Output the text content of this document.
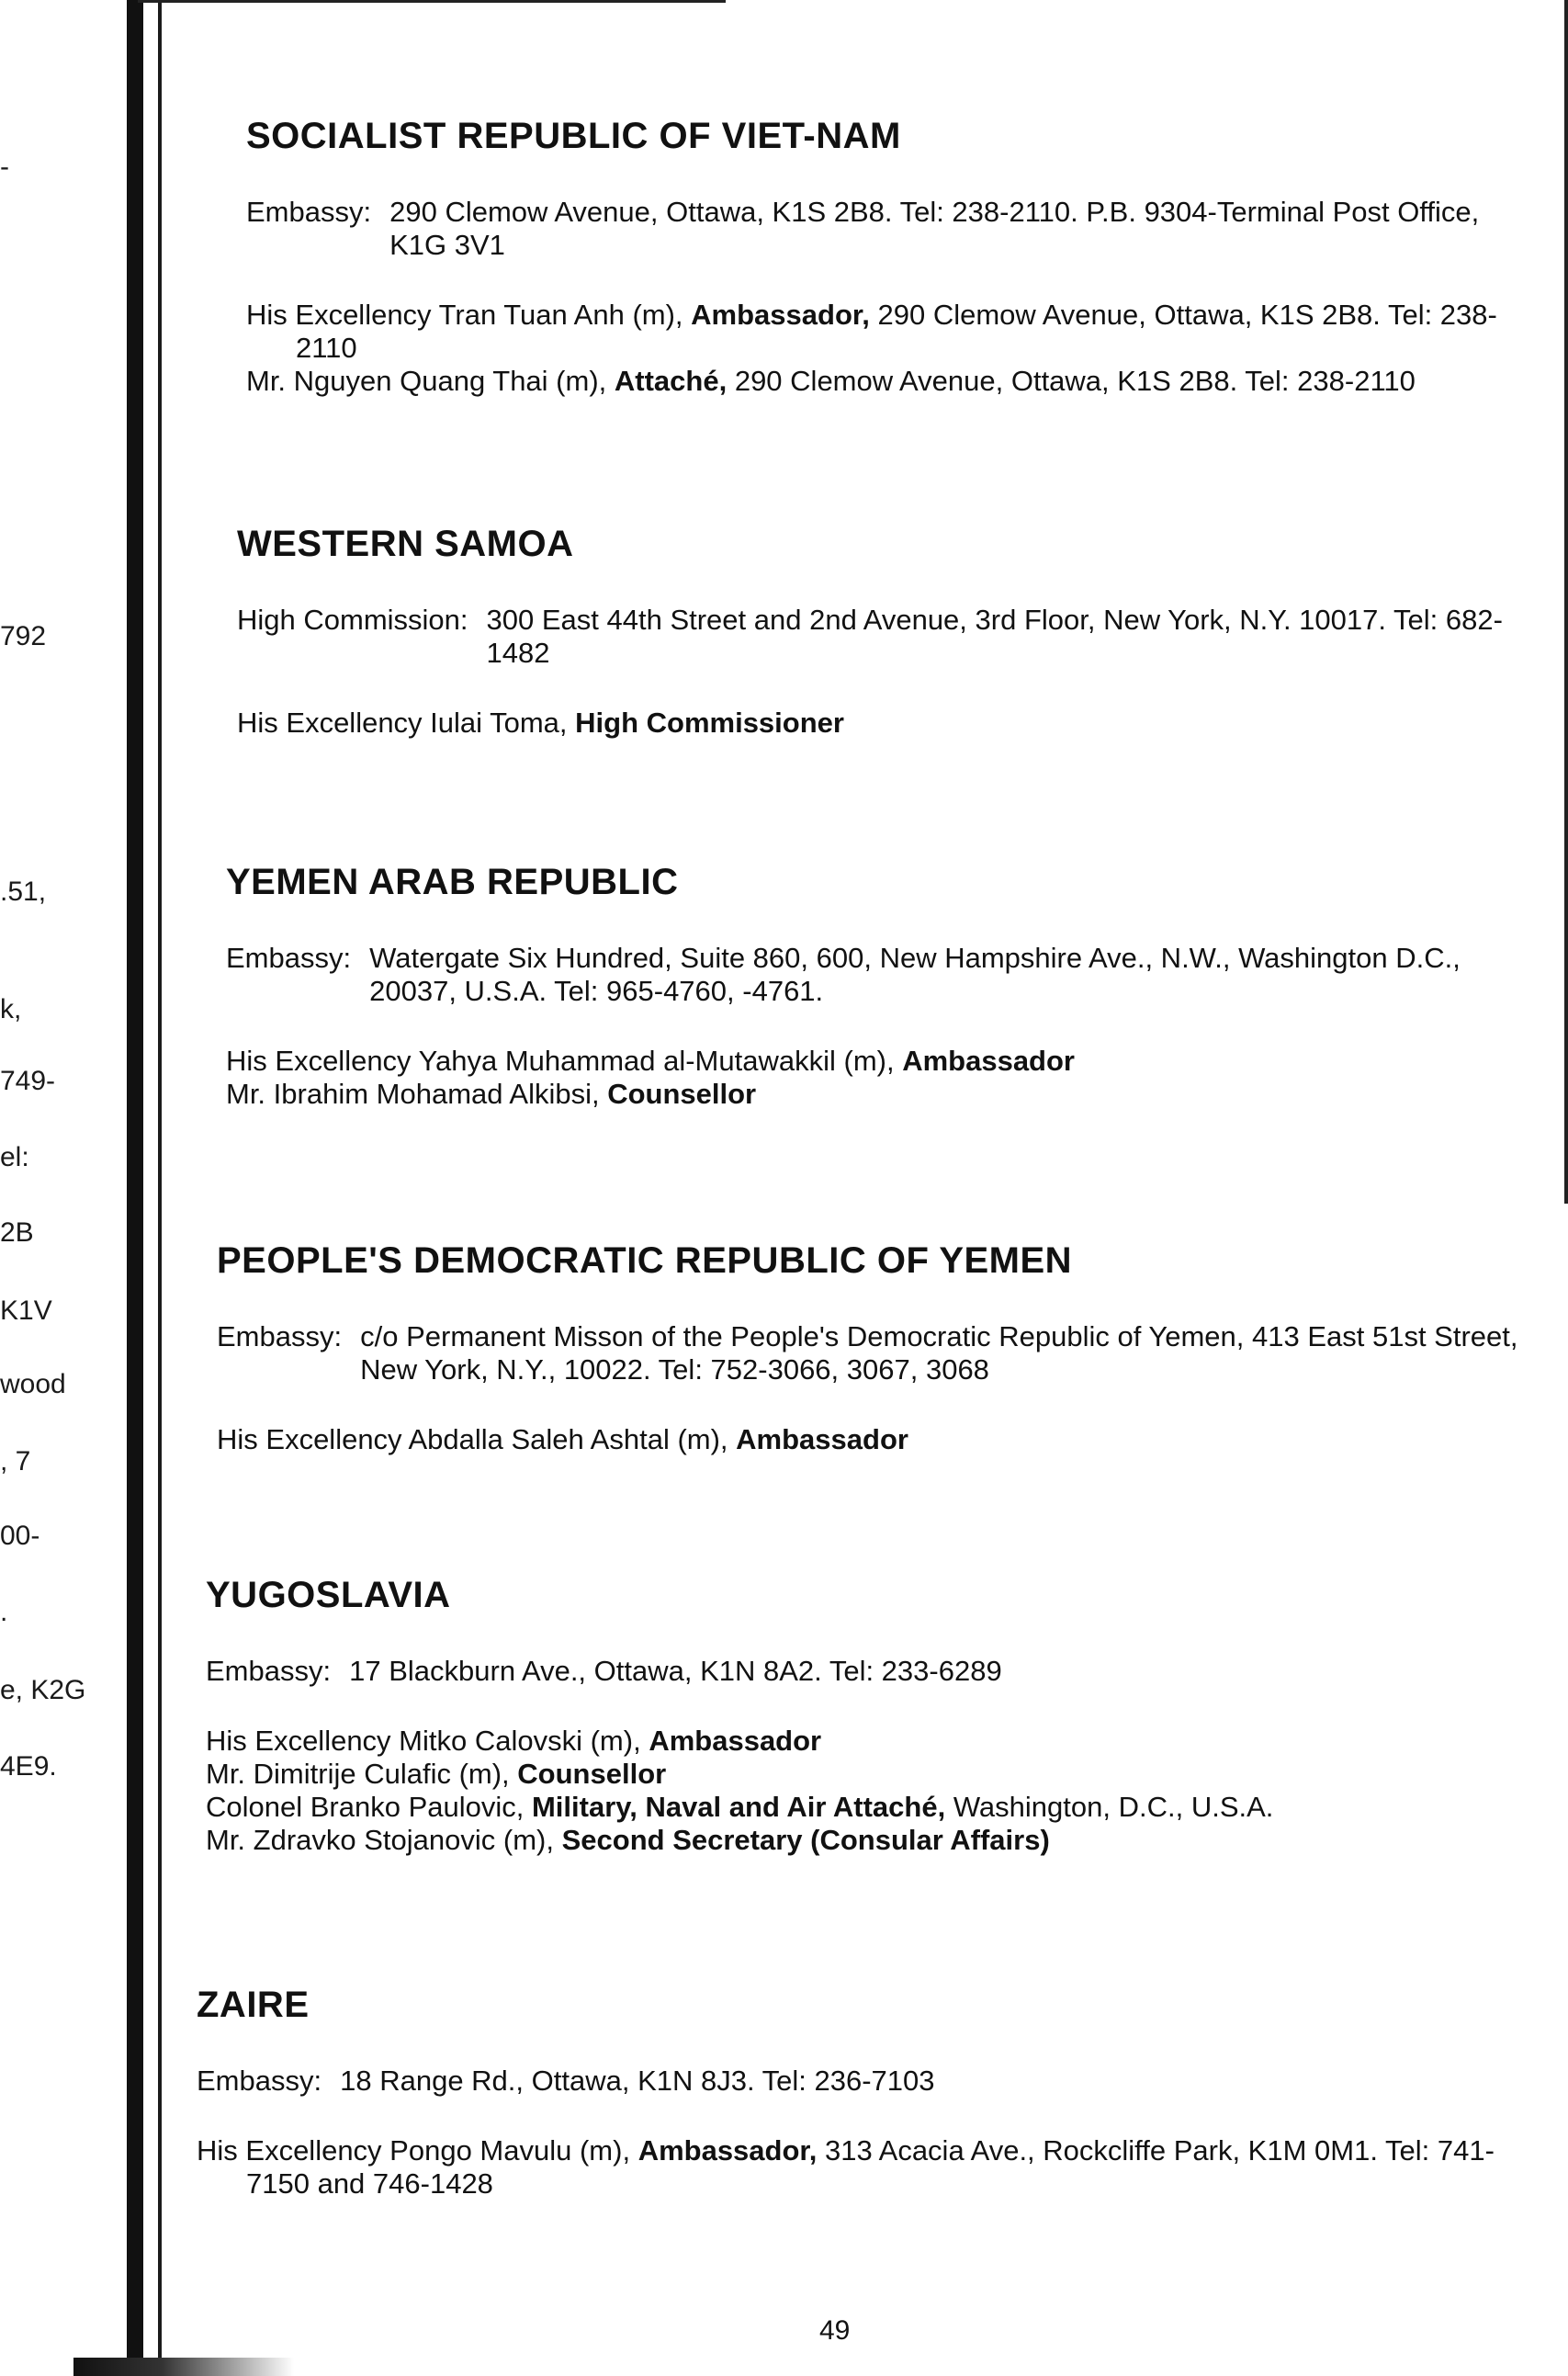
SOCIALIST REPUBLIC OF VIET-NAM
Embassy: 290 Clemow Avenue, Ottawa, K1S 2B8. Tel: 238-2110. P.B. 9304-Terminal Post Office, K1G 3V1

His Excellency Tran Tuan Anh (m), Ambassador, 290 Clemow Avenue, Ottawa, K1S 2B8. Tel: 238-2110

Mr. Nguyen Quang Thai (m), Attaché, 290 Clemow Avenue, Ottawa, K1S 2B8. Tel: 238-2110

WESTERN SAMOA
High Commission: 300 East 44th Street and 2nd Avenue, 3rd Floor, New York, N.Y. 10017. Tel: 682-1482

His Excellency Iulai Toma, High Commissioner

YEMEN ARAB REPUBLIC
Embassy: Watergate Six Hundred, Suite 860, 600, New Hampshire Ave., N.W., Washington D.C., 20037, U.S.A. Tel: 965-4760, -4761.

His Excellency Yahya Muhammad al-Mutawakkil (m), Ambassador

Mr. Ibrahim Mohamad Alkibsi, Counsellor

PEOPLE'S DEMOCRATIC REPUBLIC OF YEMEN
Embassy: c/o Permanent Misson of the People's Democratic Republic of Yemen, 413 East 51st Street, New York, N.Y., 10022. Tel: 752-3066, 3067, 3068

His Excellency Abdalla Saleh Ashtal (m), Ambassador

YUGOSLAVIA
Embassy: 17 Blackburn Ave., Ottawa, K1N 8A2. Tel: 233-6289

His Excellency Mitko Calovski (m), Ambassador

Mr. Dimitrije Culafic (m), Counsellor

Colonel Branko Paulovic, Military, Naval and Air Attaché, Washington, D.C., U.S.A.

Mr. Zdravko Stojanovic (m), Second Secretary (Consular Affairs)

ZAIRE
Embassy: 18 Range Rd., Ottawa, K1N 8J3. Tel: 236-7103

His Excellency Pongo Mavulu (m), Ambassador, 313 Acacia Ave., Rockcliffe Park, K1M 0M1. Tel: 741-7150 and 746-1428

49
-
792
.51,
k,
749-
el:
2B
K1V
wood
, 7
00-
.
e, K2G
4E9.
